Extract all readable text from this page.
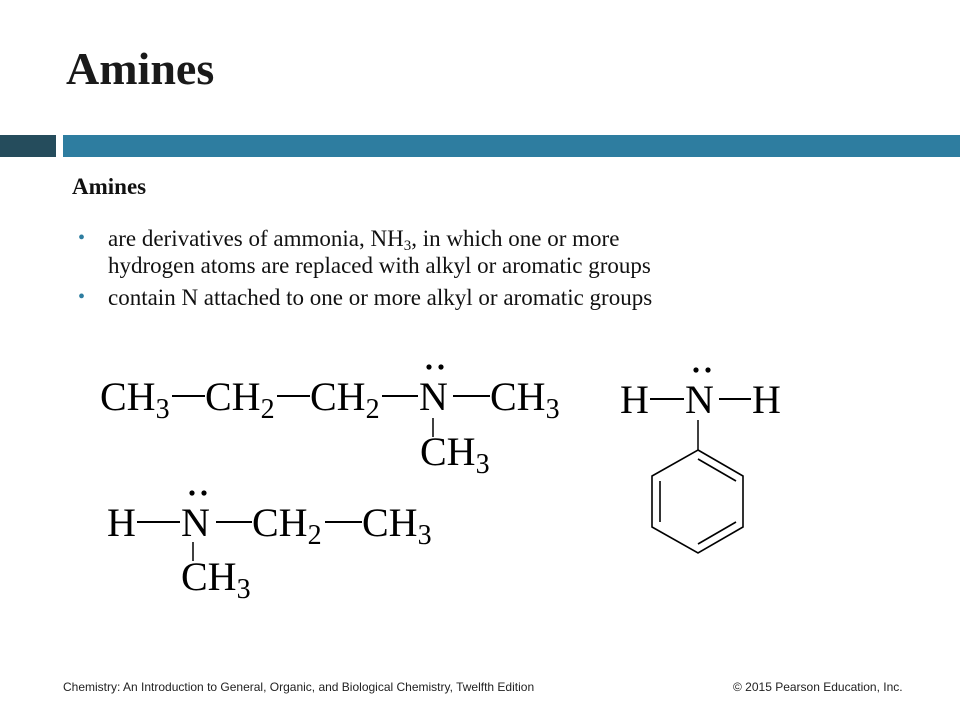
Amines
Amines
• are derivatives of ammonia, $NH_3$, in which one or more
hydrogen atoms are replaced with alkyl or aromatic groups
• contain N attached to one or more alkyl or aromatic groups
$CH_3$ $CH_2$ $CH_2$ N $CH_3$
$CH_3$
H N $CH_2$ $CH_3$
$CH_3$
H N H
Chemistry: An Introduction to General, Organic, and Biological Chemistry, Twelfth Edition	© 2015 Pearson Education, Inc.
